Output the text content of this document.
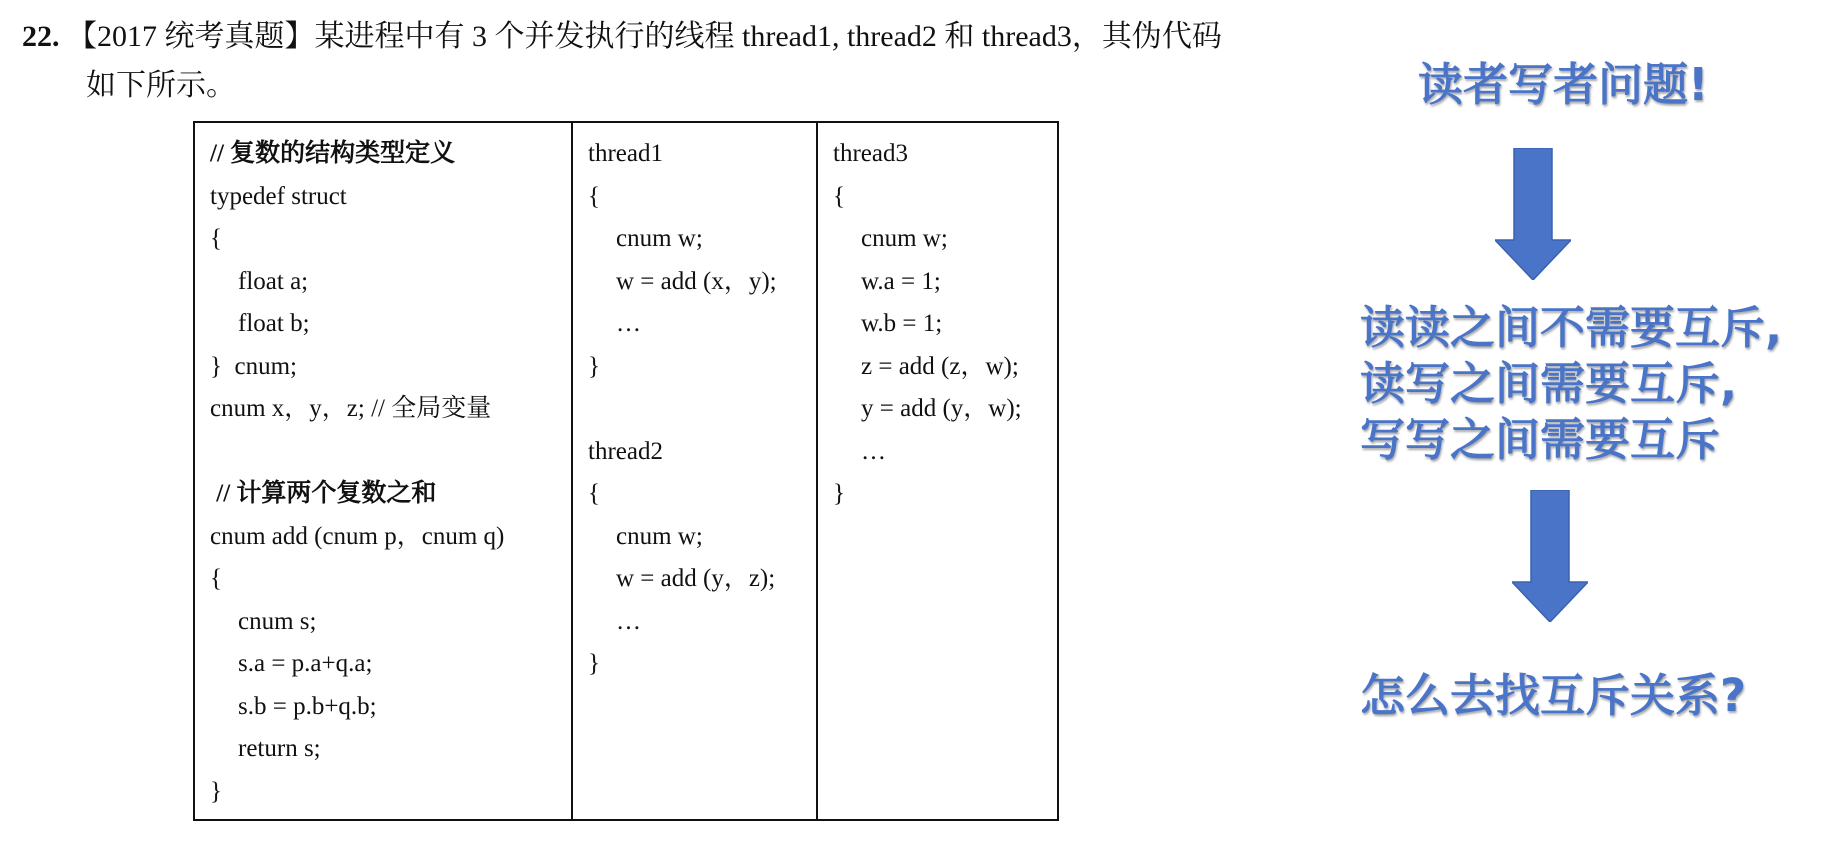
22. 【2017 统考真题】某进程中有 3 个并发执行的线程 thread1, thread2 和 thread3，其伪代码
如下所示。
// 复数的结构类型定义
typedef struct
{
float a;
float b;
}  cnum;
cnum x，y，z; // 全局变量
// 计算两个复数之和
cnum add (cnum p，cnum q)
{
cnum s;
s.a = p.a+q.a;
s.b = p.b+q.b;
return s;
}
thread1
{
cnum w;
w = add (x，y);
…
}
thread2
{
cnum w;
w = add (y，z);
…
}
thread3
{
cnum w;
w.a = 1;
w.b = 1;
z = add (z，w);
y = add (y，w);
…
}
读者写者问题!
读读之间不需要互斥,
读写之间需要互斥,
写写之间需要互斥
怎么去找互斥关系?
